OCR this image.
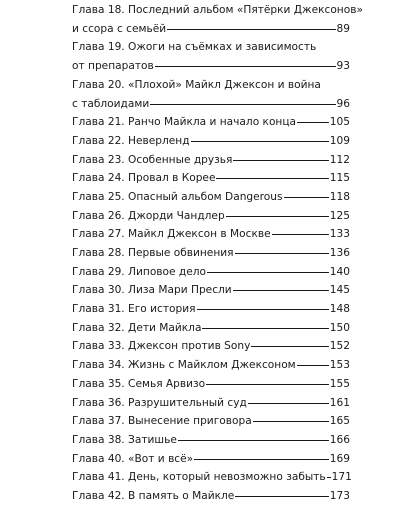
Глава 18. Последний альбом «Пятёрки Джексонов»
и ссора с семьёй	89
Глава 19. Ожоги на съёмках и зависимость
от препаратов	93
Глава 20. «Плохой» Майкл Джексон и война
с таблоидами	96
Глава 21. Ранчо Майкла и начало конца	105
Глава 22. Неверленд	109
Глава 23. Особенные друзья	112
Глава 24. Провал в Корее	115
Глава 25. Опасный альбом Dangerous	118
Глава 26. Джорди Чандлер	125
Глава 27. Майкл Джексон в Москве	133
Глава 28. Первые обвинения	136
Глава 29. Липовое дело	140
Глава 30. Лиза Мари Пресли	145
Глава 31. Его история	148
Глава 32. Дети Майкла	150
Глава 33. Джексон против Sony	152
Глава 34. Жизнь с Майклом Джексоном	153
Глава 35. Семья Арвизо	155
Глава 36. Разрушительный суд	161
Глава 37. Вынесение приговора	165
Глава 38. Затишье	166
Глава 40. «Вот и всё»	169
Глава 41. День, который невозможно забыть 171
Глава 42. В память о Майкле	173
